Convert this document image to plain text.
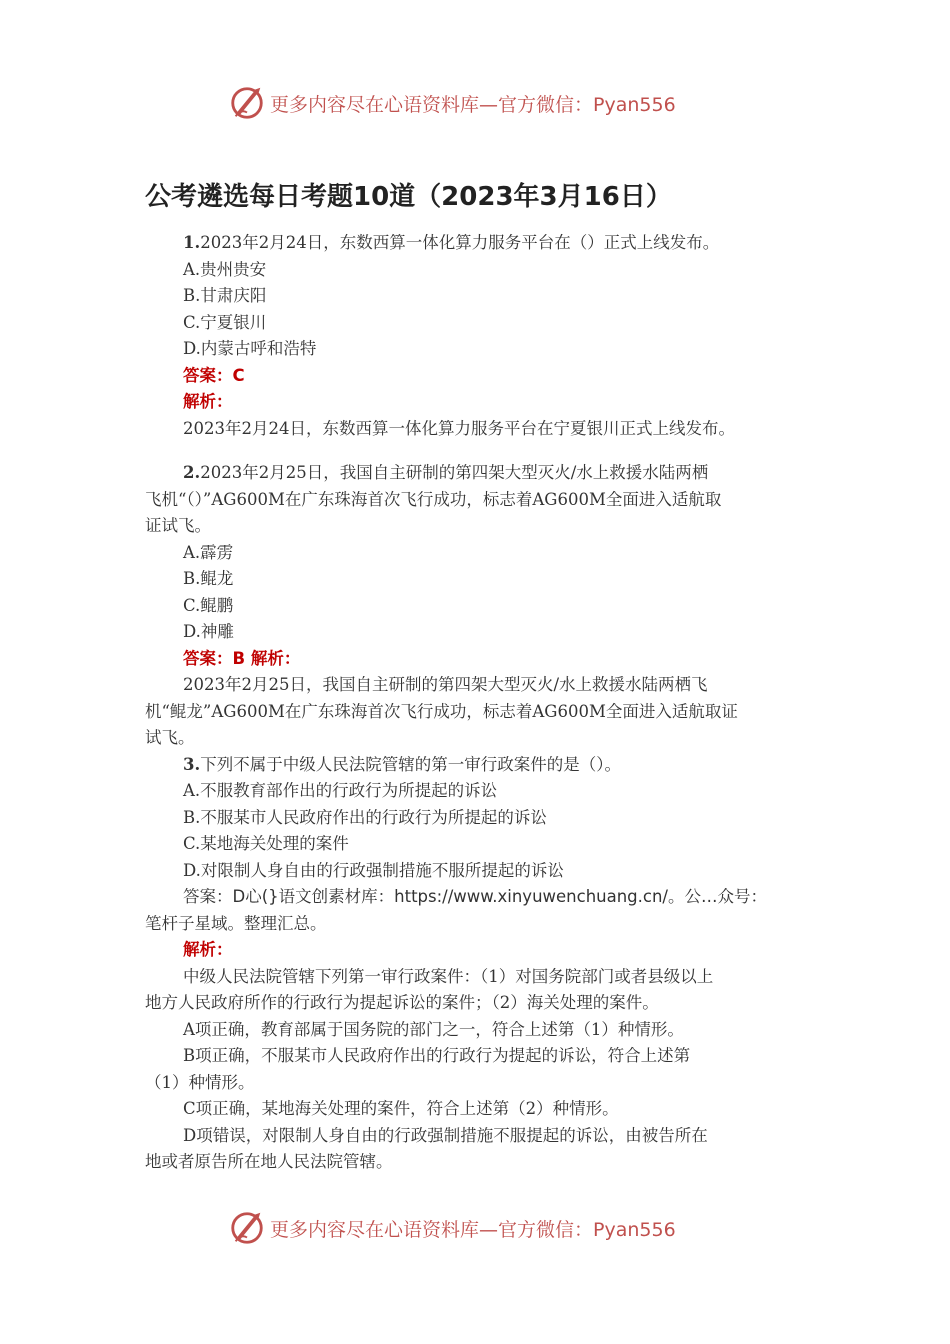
更多内容尽在心语资料库—官方微信：Pyan556
公考遴选每日考题10道（2023年3月16日）
1.2023年2月24日，东数西算一体化算力服务平台在（）正式上线发布。
A.贵州贵安
B.甘肃庆阳
C.宁夏银川
D.内蒙古呼和浩特
答案：C
解析：
2023年2月24日，东数西算一体化算力服务平台在宁夏银川正式上线发布。
2.2023年2月25日，我国自主研制的第四架大型灭火/水上救援水陆两栖
飞机“（）”AG600M在广东珠海首次飞行成功，标志着AG600M全面进入适航取
证试飞。
A.霹雳
B.鲲龙
C.鲲鹏
D.神雕
答案：B 解析：
2023年2月25日，我国自主研制的第四架大型灭火/水上救援水陆两栖飞
机“鲲龙”AG600M在广东珠海首次飞行成功，标志着AG600M全面进入适航取证
试飞。
3.下列不属于中级人民法院管辖的第一审行政案件的是（）。
A.不服教育部作出的行政行为所提起的诉讼
B.不服某市人民政府作出的行政行为所提起的诉讼
C.某地海关处理的案件
D.对限制人身自由的行政强制措施不服所提起的诉讼
答案：D心(}语文创素材库：https://www.xinyuwenchuang.cn/。公…众号：
笔杆子星域。整理汇总。
解析：
中级人民法院管辖下列第一审行政案件：（1）对国务院部门或者县级以上
地方人民政府所作的行政行为提起诉讼的案件；（2）海关处理的案件。
A项正确，教育部属于国务院的部门之一，符合上述第（1）种情形。
B项正确，不服某市人民政府作出的行政行为提起的诉讼，符合上述第
（1）种情形。
C项正确，某地海关处理的案件，符合上述第（2）种情形。
D项错误，对限制人身自由的行政强制措施不服提起的诉讼，由被告所在
地或者原告所在地人民法院管辖。
更多内容尽在心语资料库—官方微信：Pyan556
